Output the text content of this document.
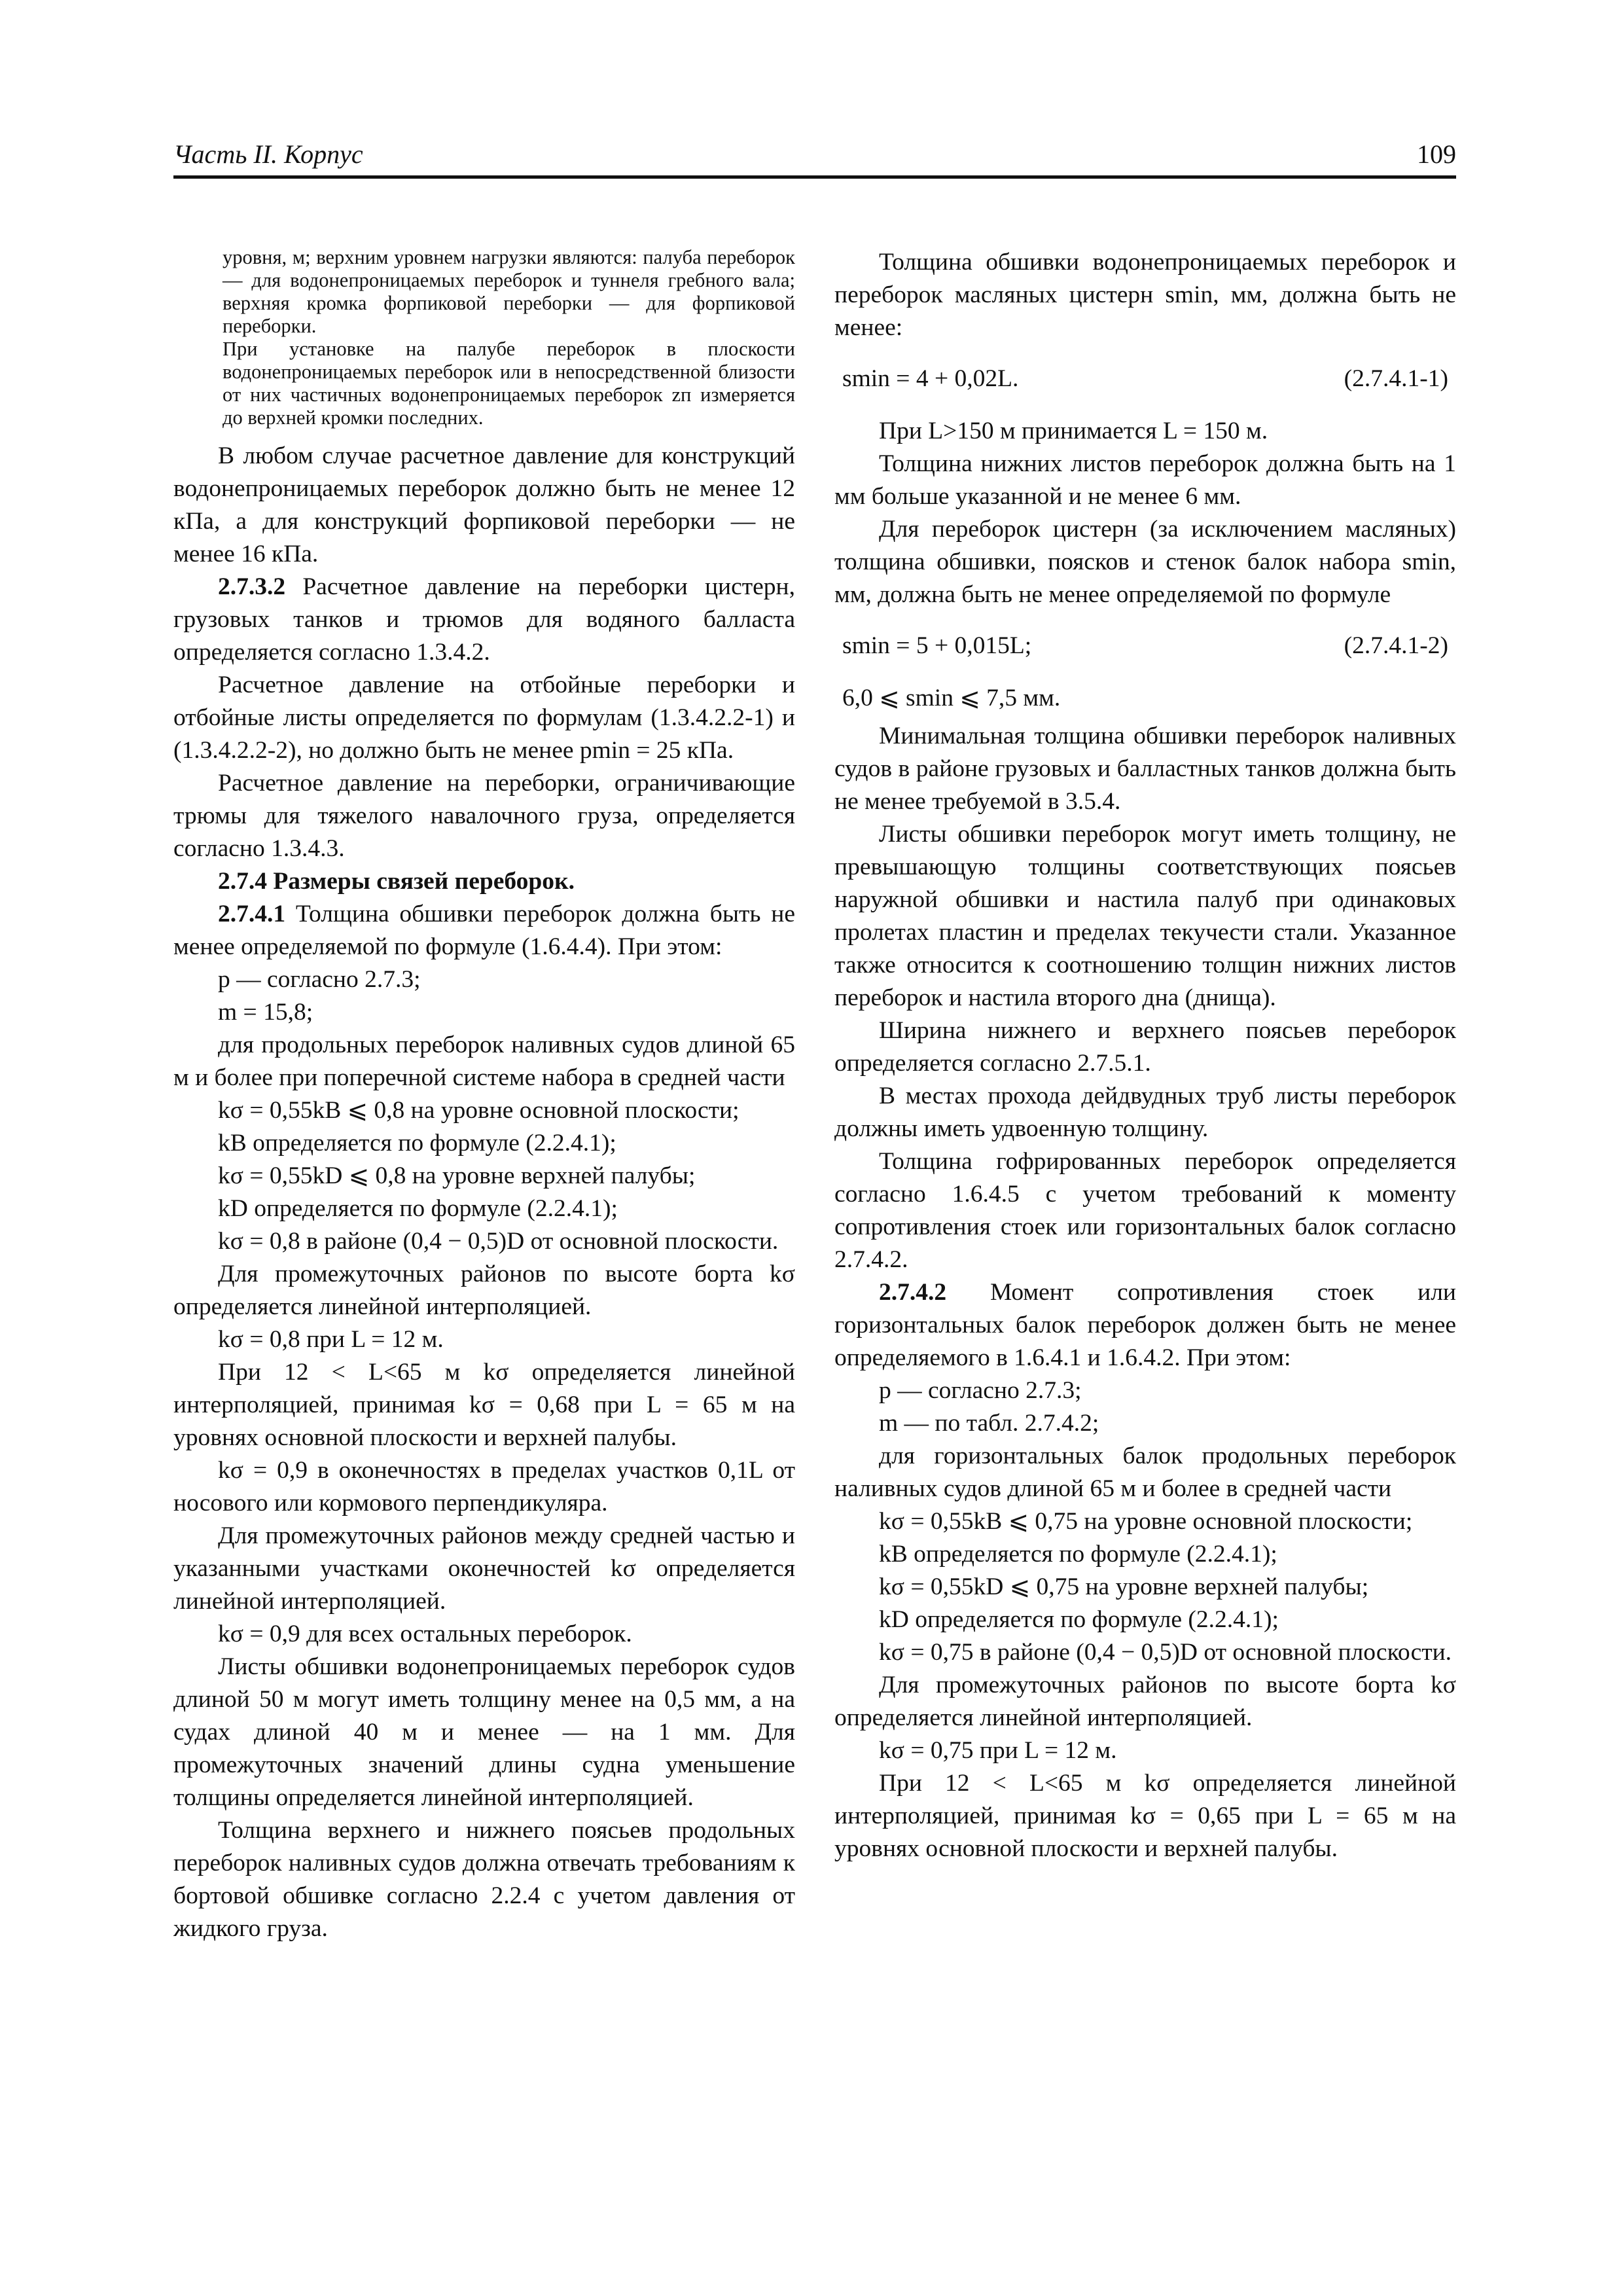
Часть II. Корпус	109

уровня, м; верхним уровнем нагрузки являются: палуба переборок — для водонепроницаемых переборок и туннеля гребного вала; верхняя кромка форпиковой переборки — для форпиковой переборки.

При установке на палубе переборок в плоскости водонепроницаемых переборок или в непосредственной близости от них частичных водонепроницаемых переборок zп измеряется до верхней кромки последних.

В любом случае расчетное давление для конструкций водонепроницаемых переборок должно быть не менее 12 кПа, а для конструкций форпиковой переборки — не менее 16 кПа.

2.7.3.2 Расчетное давление на переборки цистерн, грузовых танков и трюмов для водяного балласта определяется согласно 1.3.4.2.

Расчетное давление на отбойные переборки и отбойные листы определяется по формулам (1.3.4.2.2-1) и (1.3.4.2.2-2), но должно быть не менее pmin = 25 кПа.

Расчетное давление на переборки, ограничивающие трюмы для тяжелого навалочного груза, определяется согласно 1.3.4.3.

2.7.4 Размеры связей переборок.

2.7.4.1 Толщина обшивки переборок должна быть не менее определяемой по формуле (1.6.4.4). При этом:

p — согласно 2.7.3;

m = 15,8;

для продольных переборок наливных судов длиной 65 м и более при поперечной системе набора в средней части

kσ = 0,55kB ⩽ 0,8 на уровне основной плоскости;

kB определяется по формуле (2.2.4.1);

kσ = 0,55kD ⩽ 0,8 на уровне верхней палубы;

kD определяется по формуле (2.2.4.1);

kσ = 0,8 в районе (0,4 − 0,5)D от основной плоскости.

Для промежуточных районов по высоте борта kσ определяется линейной интерполяцией.

kσ = 0,8 при L = 12 м.

При 12 < L<65 м kσ определяется линейной интерполяцией, принимая kσ = 0,68 при L = 65 м на уровнях основной плоскости и верхней палубы.

kσ = 0,9 в оконечностях в пределах участков 0,1L от носового или кормового перпендикуляра.

Для промежуточных районов между средней частью и указанными участками оконечностей kσ определяется линейной интерполяцией.

kσ = 0,9 для всех остальных переборок.

Листы обшивки водонепроницаемых переборок судов длиной 50 м могут иметь толщину менее на 0,5 мм, а на судах длиной 40 м и менее — на 1 мм. Для промежуточных значений длины судна уменьшение толщины определяется линейной интерполяцией.

Толщина верхнего и нижнего поясьев продольных переборок наливных судов должна отвечать требованиям к бортовой обшивке согласно 2.2.4 с учетом давления от жидкого груза.

Толщина обшивки водонепроницаемых переборок и переборок масляных цистерн smin, мм, должна быть не менее:

smin = 4 + 0,02L.	(2.7.4.1-1)

При L>150 м принимается L = 150 м.

Толщина нижних листов переборок должна быть на 1 мм больше указанной и не менее 6 мм.

Для переборок цистерн (за исключением масляных) толщина обшивки, поясков и стенок балок набора smin, мм, должна быть не менее определяемой по формуле

smin = 5 + 0,015L;	(2.7.4.1-2)
6,0 ⩽ smin ⩽ 7,5 мм.

Минимальная толщина обшивки переборок наливных судов в районе грузовых и балластных танков должна быть не менее требуемой в 3.5.4.

Листы обшивки переборок могут иметь толщину, не превышающую толщины соответствующих поясьев наружной обшивки и настила палуб при одинаковых пролетах пластин и пределах текучести стали. Указанное также относится к соотношению толщин нижних листов переборок и настила второго дна (днища).

Ширина нижнего и верхнего поясьев переборок определяется согласно 2.7.5.1.

В местах прохода дейдвудных труб листы переборок должны иметь удвоенную толщину.

Толщина гофрированных переборок определяется согласно 1.6.4.5 с учетом требований к моменту сопротивления стоек или горизонтальных балок согласно 2.7.4.2.

2.7.4.2 Момент сопротивления стоек или горизонтальных балок переборок должен быть не менее определяемого в 1.6.4.1 и 1.6.4.2. При этом:

p — согласно 2.7.3;

m — по табл. 2.7.4.2;

для горизонтальных балок продольных переборок наливных судов длиной 65 м и более в средней части

kσ = 0,55kB ⩽ 0,75 на уровне основной плоскости;

kB определяется по формуле (2.2.4.1);

kσ = 0,55kD ⩽ 0,75 на уровне верхней палубы;

kD определяется по формуле (2.2.4.1);

kσ = 0,75 в районе (0,4 − 0,5)D от основной плоскости.

Для промежуточных районов по высоте борта kσ определяется линейной интерполяцией.

kσ = 0,75 при L = 12 м.

При 12 < L<65 м kσ определяется линейной интерполяцией, принимая kσ = 0,65 при L = 65 м на уровнях основной плоскости и верхней палубы.
